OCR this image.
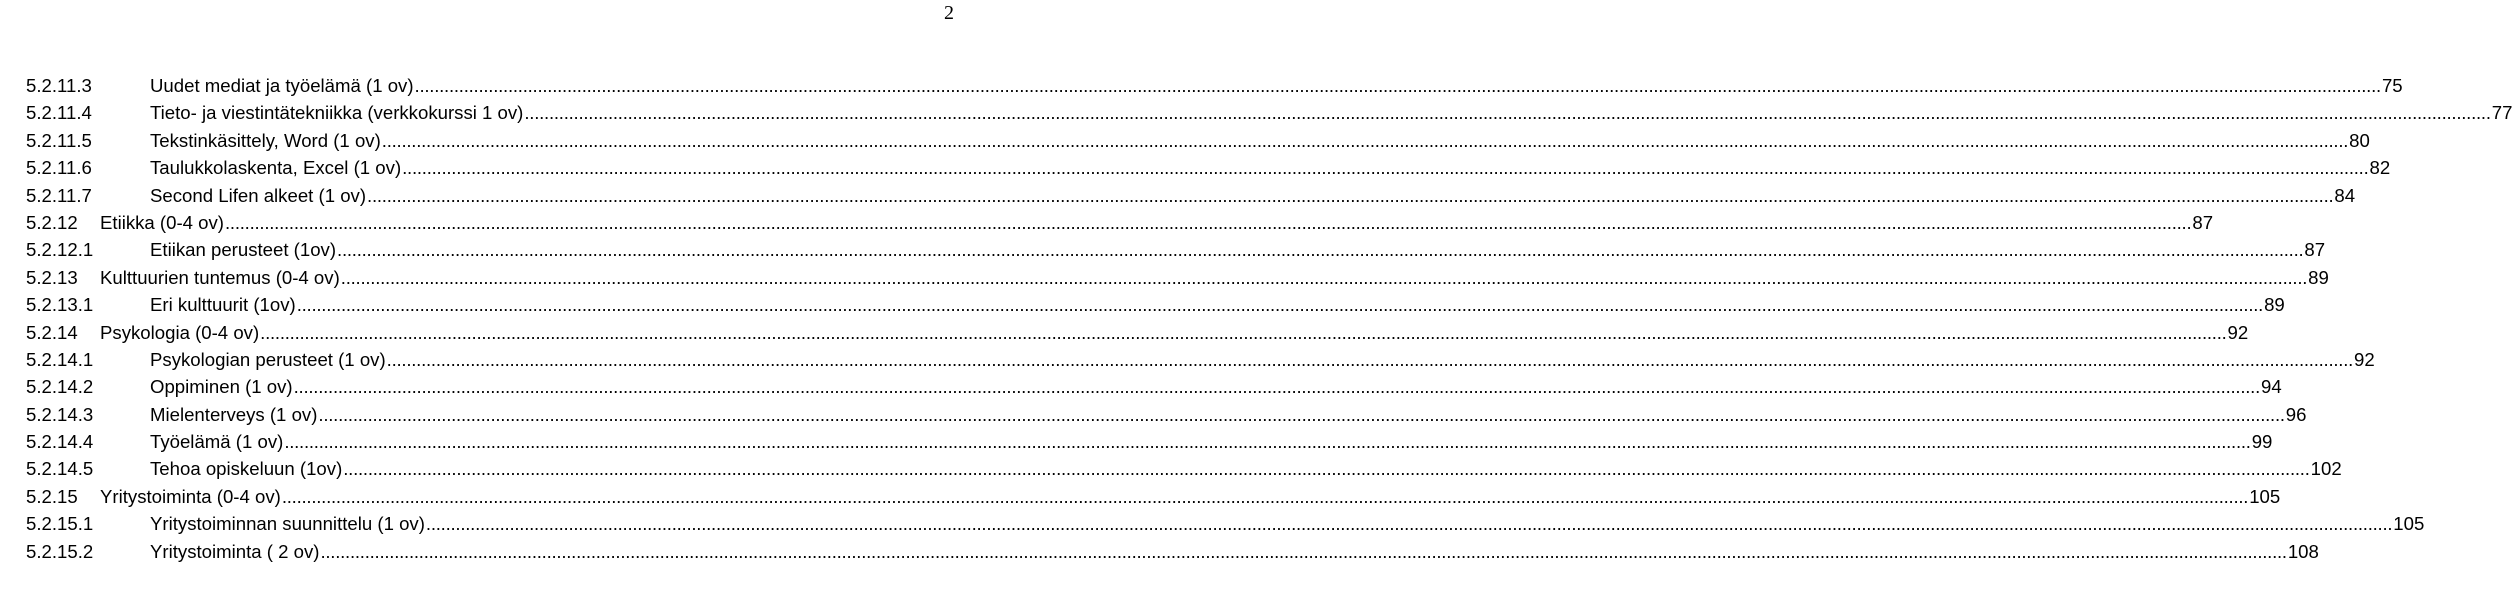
2
5.2.11.3	Uudet mediat ja työelämä (1 ov) ................................................................................................................................................................................................................................................................................................................................................................................................................ 75
5.2.11.4	Tieto- ja viestintätekniikka (verkkokurssi 1 ov) ................................................................................................................................................................................................................................................................................................................................................................................................................ 77
5.2.11.5	Tekstinkäsittely, Word (1 ov) ................................................................................................................................................................................................................................................................................................................................................................................................................ 80
5.2.11.6	Taulukkolaskenta, Excel (1 ov) ................................................................................................................................................................................................................................................................................................................................................................................................................ 82
5.2.11.7	Second Lifen alkeet (1 ov) ................................................................................................................................................................................................................................................................................................................................................................................................................ 84
5.2.12 Etiikka (0-4 ov) ................................................................................................................................................................................................................................................................................................................................................................................................................ 87
5.2.12.1	Etiikan perusteet (1ov) ................................................................................................................................................................................................................................................................................................................................................................................................................ 87
5.2.13 Kulttuurien tuntemus (0-4 ov) ................................................................................................................................................................................................................................................................................................................................................................................................................ 89
5.2.13.1	Eri kulttuurit (1ov) ................................................................................................................................................................................................................................................................................................................................................................................................................ 89
5.2.14 Psykologia (0-4 ov) ................................................................................................................................................................................................................................................................................................................................................................................................................ 92
5.2.14.1	Psykologian perusteet (1 ov) ................................................................................................................................................................................................................................................................................................................................................................................................................ 92
5.2.14.2	Oppiminen (1 ov) ................................................................................................................................................................................................................................................................................................................................................................................................................ 94
5.2.14.3	Mielenterveys (1 ov) ................................................................................................................................................................................................................................................................................................................................................................................................................ 96
5.2.14.4	Työelämä (1 ov) ................................................................................................................................................................................................................................................................................................................................................................................................................ 99
5.2.14.5	Tehoa opiskeluun (1ov) ................................................................................................................................................................................................................................................................................................................................................................................................................ 102
5.2.15 Yritystoiminta (0-4 ov) ................................................................................................................................................................................................................................................................................................................................................................................................................ 105
5.2.15.1	Yritystoiminnan suunnittelu (1 ov) ................................................................................................................................................................................................................................................................................................................................................................................................................ 105
5.2.15.2	Yritystoiminta ( 2 ov) ................................................................................................................................................................................................................................................................................................................................................................................................................ 108
